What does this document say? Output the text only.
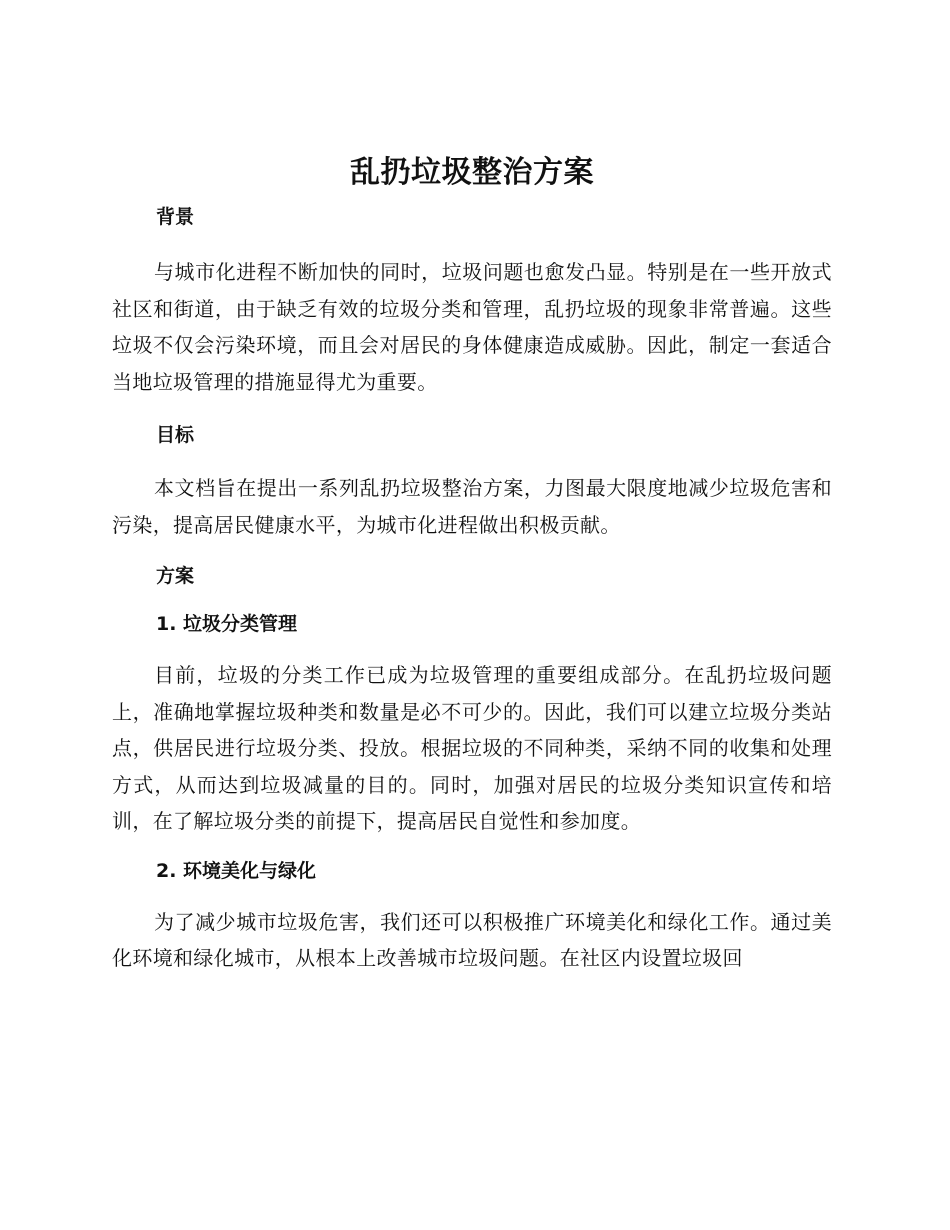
乱扔垃圾整治方案
背景

与城市化进程不断加快的同时，垃圾问题也愈发凸显。特别是在一些开放式社区和街道，由于缺乏有效的垃圾分类和管理，乱扔垃圾的现象非常普遍。这些垃圾不仅会污染环境，而且会对居民的身体健康造成威胁。因此，制定一套适合当地垃圾管理的措施显得尤为重要。

目标

本文档旨在提出一系列乱扔垃圾整治方案，力图最大限度地减少垃圾危害和污染，提高居民健康水平，为城市化进程做出积极贡献。

方案
1. 垃圾分类管理

目前，垃圾的分类工作已成为垃圾管理的重要组成部分。在乱扔垃圾问题上，准确地掌握垃圾种类和数量是必不可少的。因此，我们可以建立垃圾分类站点，供居民进行垃圾分类、投放。根据垃圾的不同种类，采纳不同的收集和处理方式，从而达到垃圾减量的目的。同时，加强对居民的垃圾分类知识宣传和培训，在了解垃圾分类的前提下，提高居民自觉性和参加度。

2. 环境美化与绿化

为了减少城市垃圾危害，我们还可以积极推广环境美化和绿化工作。通过美化环境和绿化城市，从根本上改善城市垃圾问题。在社区内设置垃圾回
